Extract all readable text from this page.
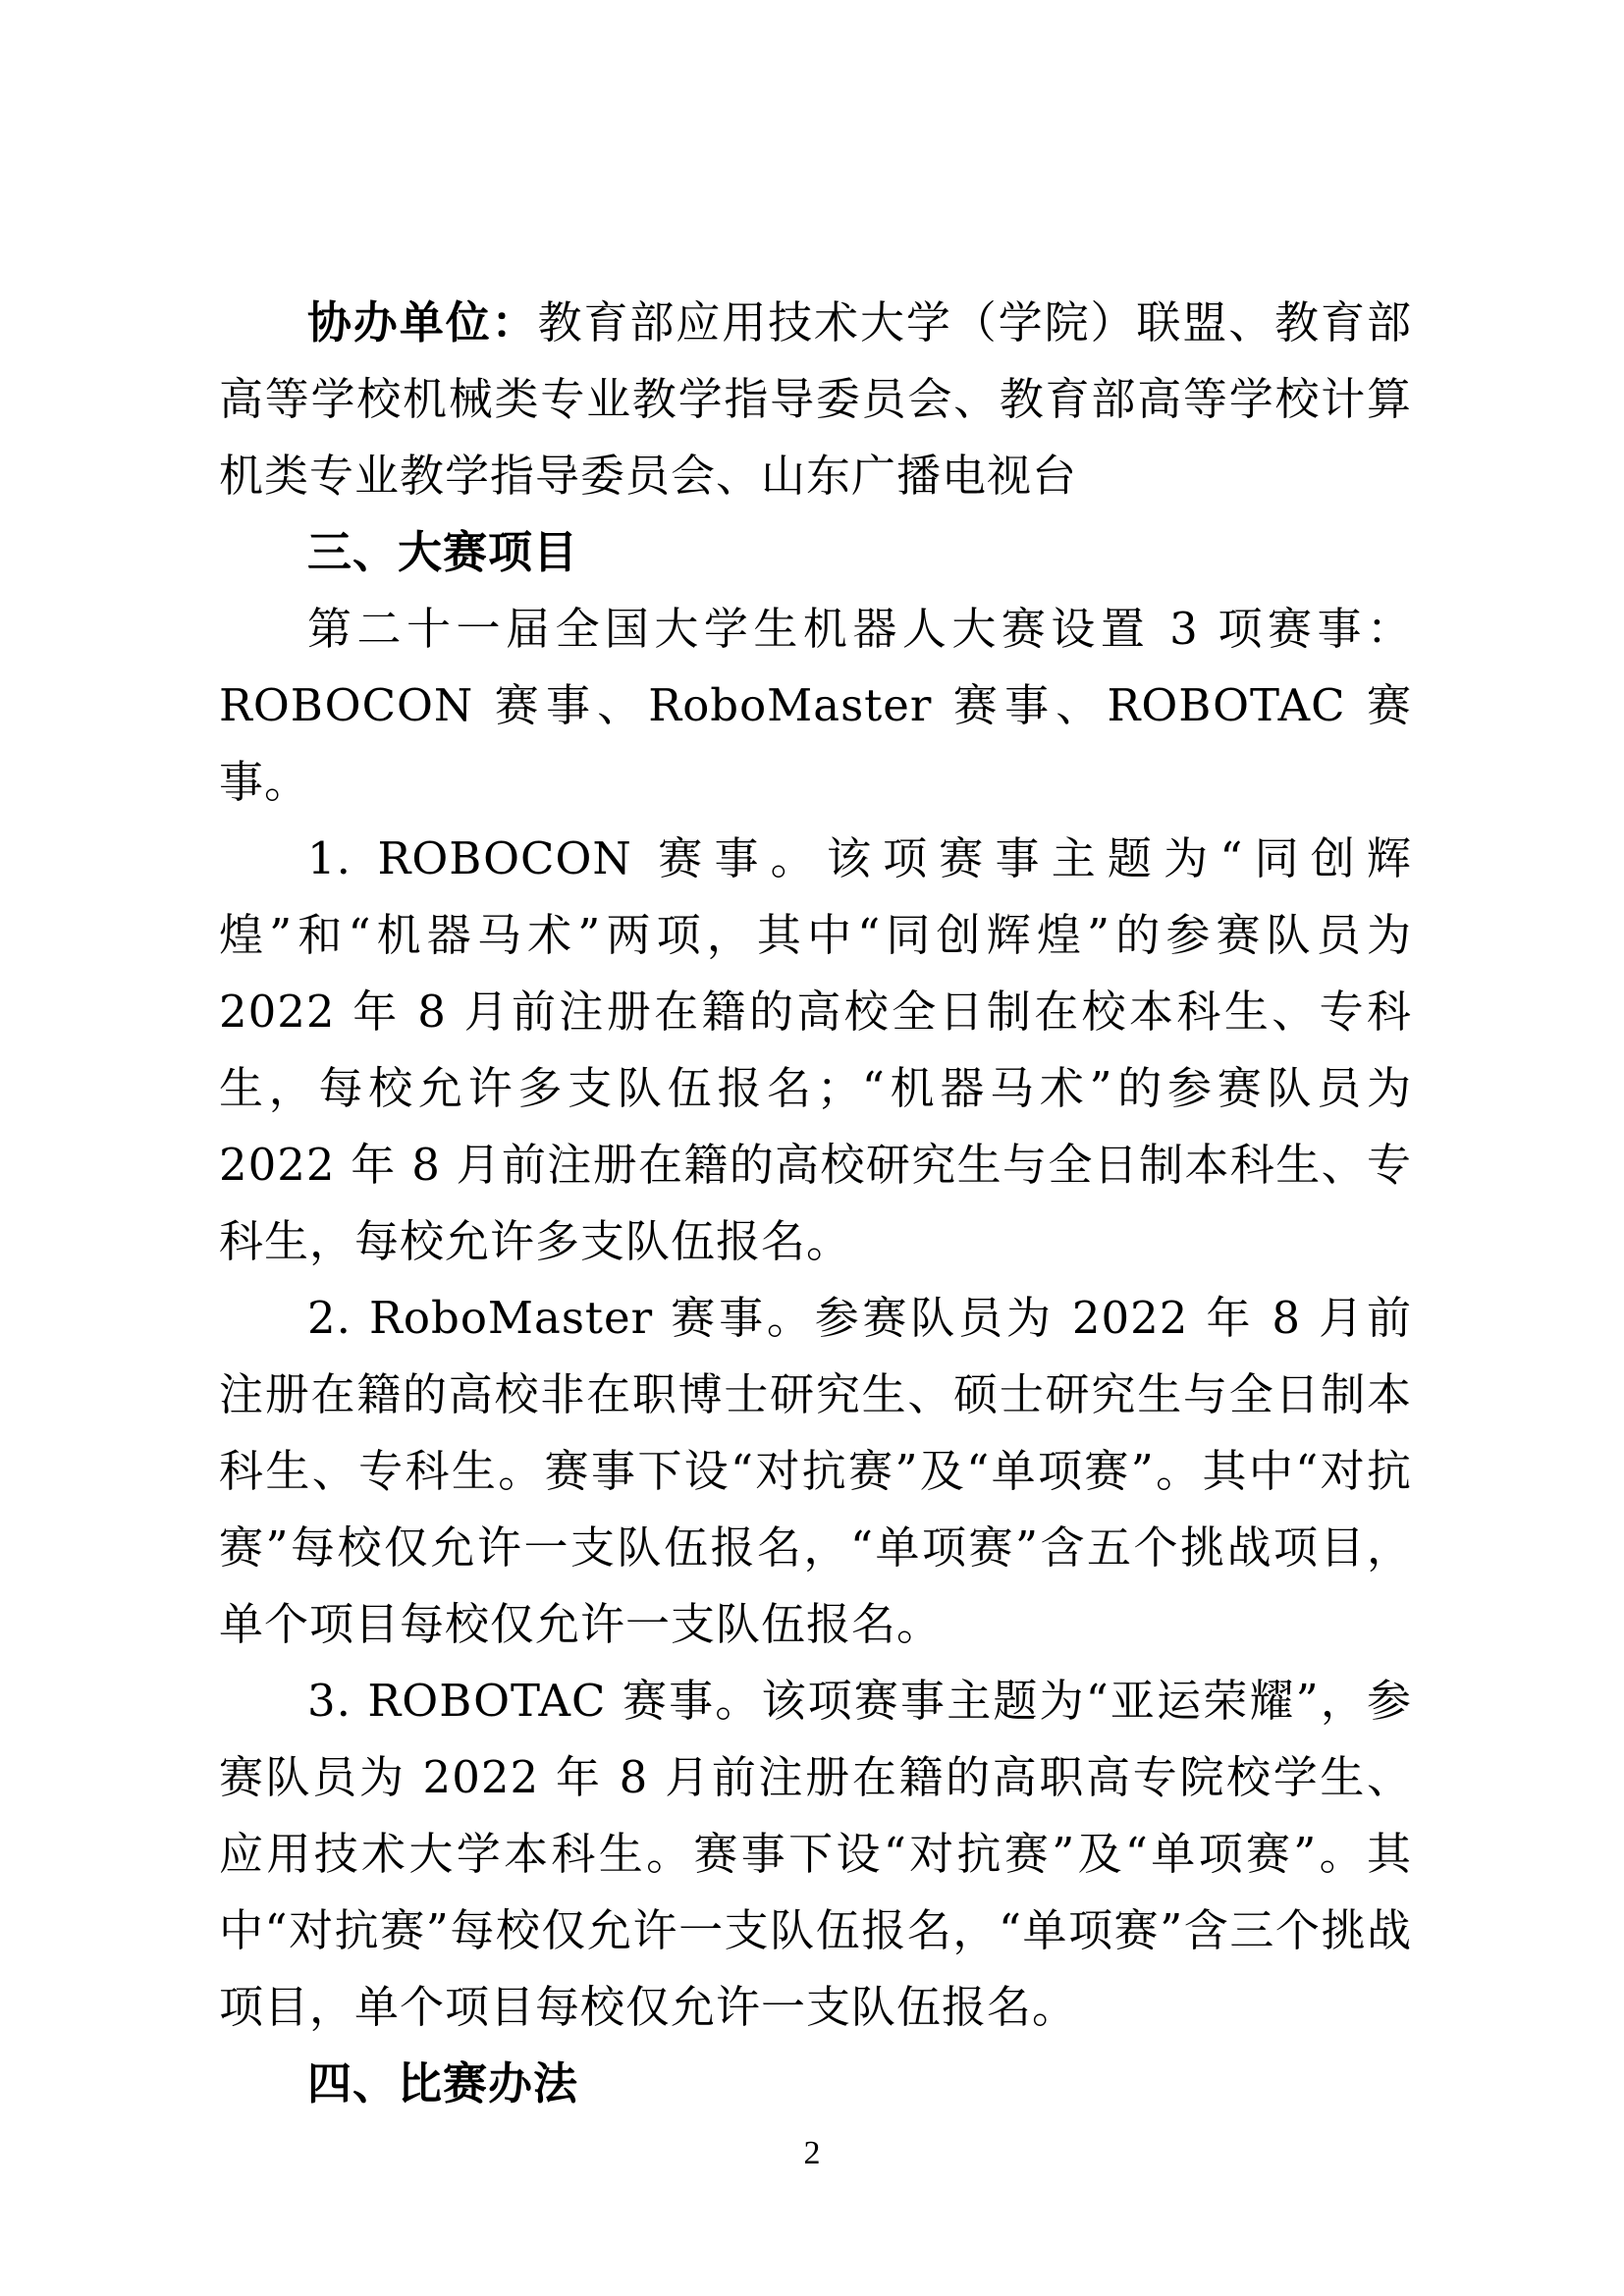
协办单位：教育部应用技术大学（学院）联盟、教育部高等学校机械类专业教学指导委员会、教育部高等学校计算机类专业教学指导委员会、山东广播电视台

三、大赛项目

第二十一届全国大学生机器人大赛设置 3 项赛事：ROBOCON 赛事、RoboMaster 赛事、ROBOTAC 赛事。

1. ROBOCON 赛事。该项赛事主题为“同创辉煌”和“机器马术”两项，其中“同创辉煌”的参赛队员为 2022 年 8 月前注册在籍的高校全日制在校本科生、专科生，每校允许多支队伍报名；“机器马术”的参赛队员为 2022 年 8 月前注册在籍的高校研究生与全日制本科生、专科生，每校允许多支队伍报名。

2. RoboMaster 赛事。参赛队员为 2022 年 8 月前注册在籍的高校非在职博士研究生、硕士研究生与全日制本科生、专科生。赛事下设“对抗赛”及“单项赛”。其中“对抗赛”每校仅允许一支队伍报名，“单项赛”含五个挑战项目，单个项目每校仅允许一支队伍报名。

3. ROBOTAC 赛事。该项赛事主题为“亚运荣耀”，参赛队员为 2022 年 8 月前注册在籍的高职高专院校学生、应用技术大学本科生。赛事下设“对抗赛”及“单项赛”。其中“对抗赛”每校仅允许一支队伍报名，“单项赛”含三个挑战项目，单个项目每校仅允许一支队伍报名。

四、比赛办法

2
